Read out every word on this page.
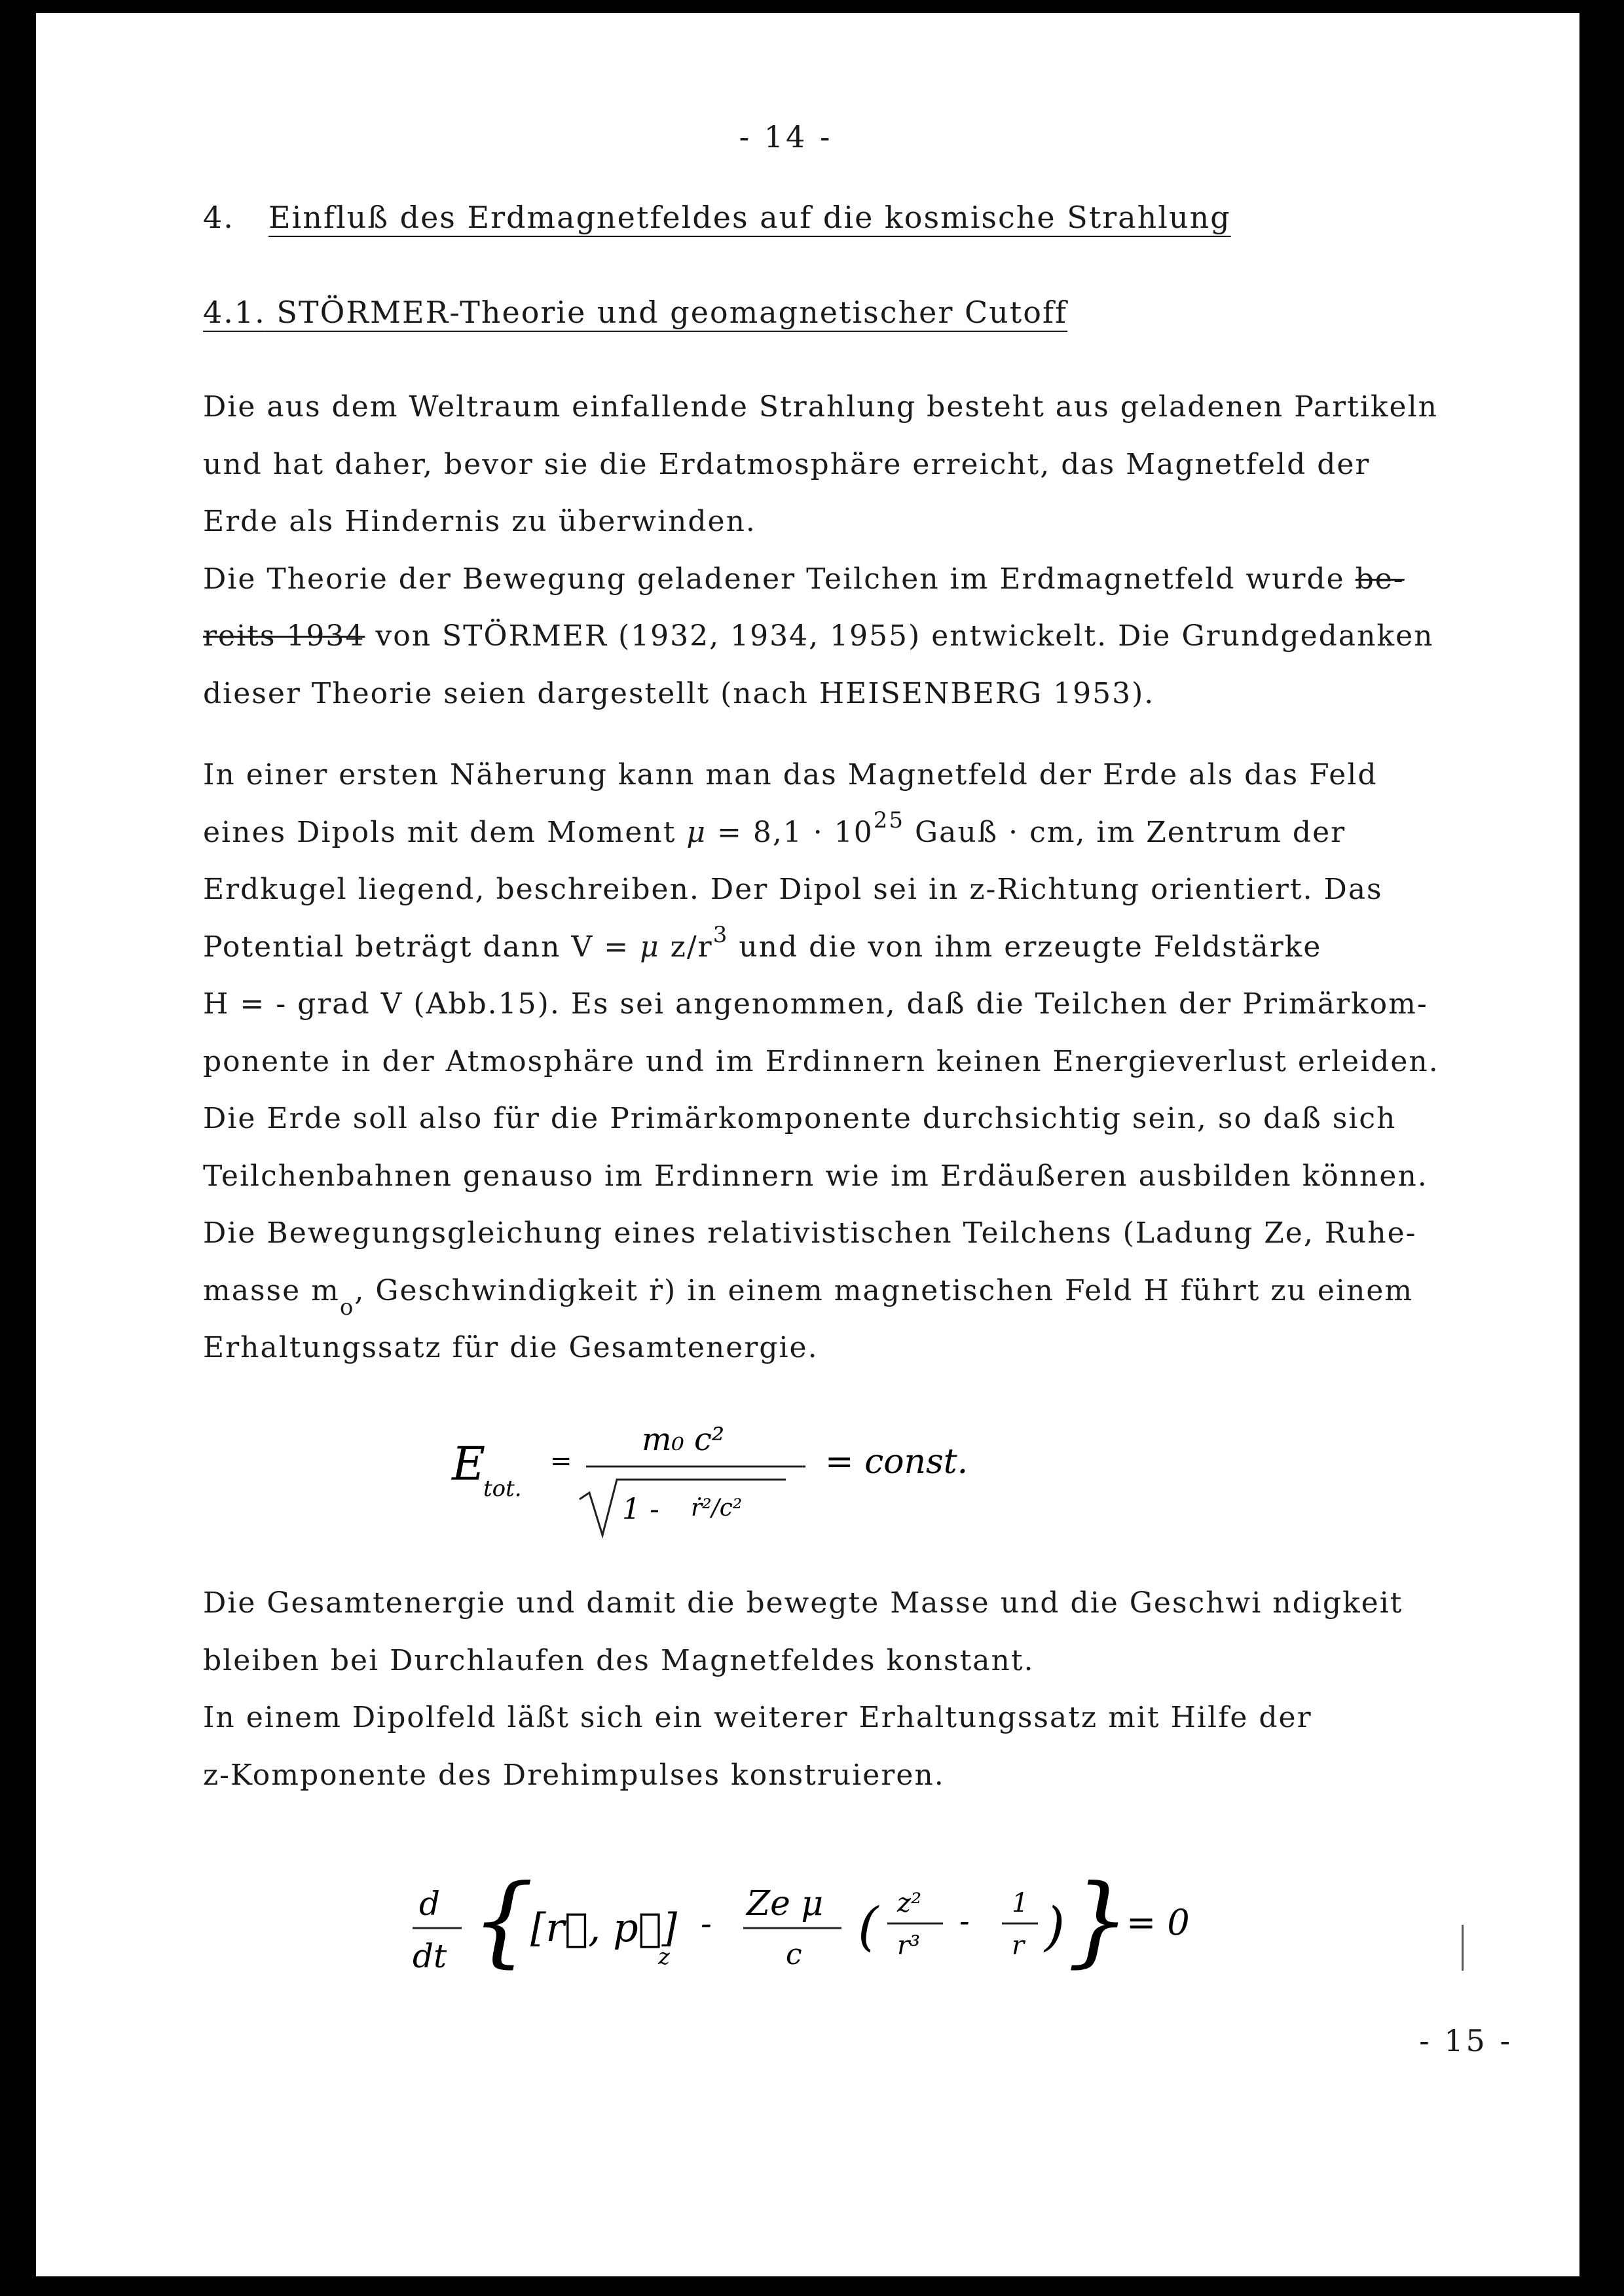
- 14 -
4. Einfluß des Erdmagnetfeldes auf die kosmische Strahlung
4.1. STÖRMER-Theorie und geomagnetischer Cutoff
Die aus dem Weltraum einfallende Strahlung besteht aus geladenen Partikeln
und hat daher, bevor sie die Erdatmosphäre erreicht, das Magnetfeld der
Erde als Hindernis zu überwinden.
Die Theorie der Bewegung geladener Teilchen im Erdmagnetfeld wurde be-
reits 1934 von STÖRMER (1932, 1934, 1955) entwickelt. Die Grundgedanken
dieser Theorie seien dargestellt (nach HEISENBERG 1953).
In einer ersten Näherung kann man das Magnetfeld der Erde als das Feld
eines Dipols mit dem Moment $\mu = 8,1 \cdot 10^{25}$ Gauß · cm, im Zentrum der
Erdkugel liegend, beschreiben. Der Dipol sei in z-Richtung orientiert. Das
Potential beträgt dann V = μ $z/r^3$ und die von ihm erzeugte Feldstärke
H = - grad V (Abb.15). Es sei angenommen, daß die Teilchen der Primärkom-
ponente in der Atmosphäre und im Erdinnern keinen Energieverlust erleiden.
Die Erde soll also für die Primärkomponente durchsichtig sein, so daß sich
Teilchenbahnen genauso im Erdinnern wie im Erdäußeren ausbilden können.
Die Bewegungsgleichung eines relativistischen Teilchens (Ladung Ze, Ruhe-
masse $m_o$, Geschwindigkeit ṙ) in einem magnetischen Feld H führt zu einem
Erhaltungssatz für die Gesamtenergie.
E
tot.
=
m₀ c²
1 - ṙ²/c²
= const.
Die Gesamtenergie und damit die bewegte Masse und die Geschwi ndigkeit
bleiben bei Durchlaufen des Magnetfeldes konstant.
In einem Dipolfeld läßt sich ein weiterer Erhaltungssatz mit Hilfe der
z-Komponente des Drehimpulses konstruieren.
d
dt {
[r⃗, p⃗]
z
- Ze μ
c ( z²
r³
- 1
r ) }
= 0
- 15 -
